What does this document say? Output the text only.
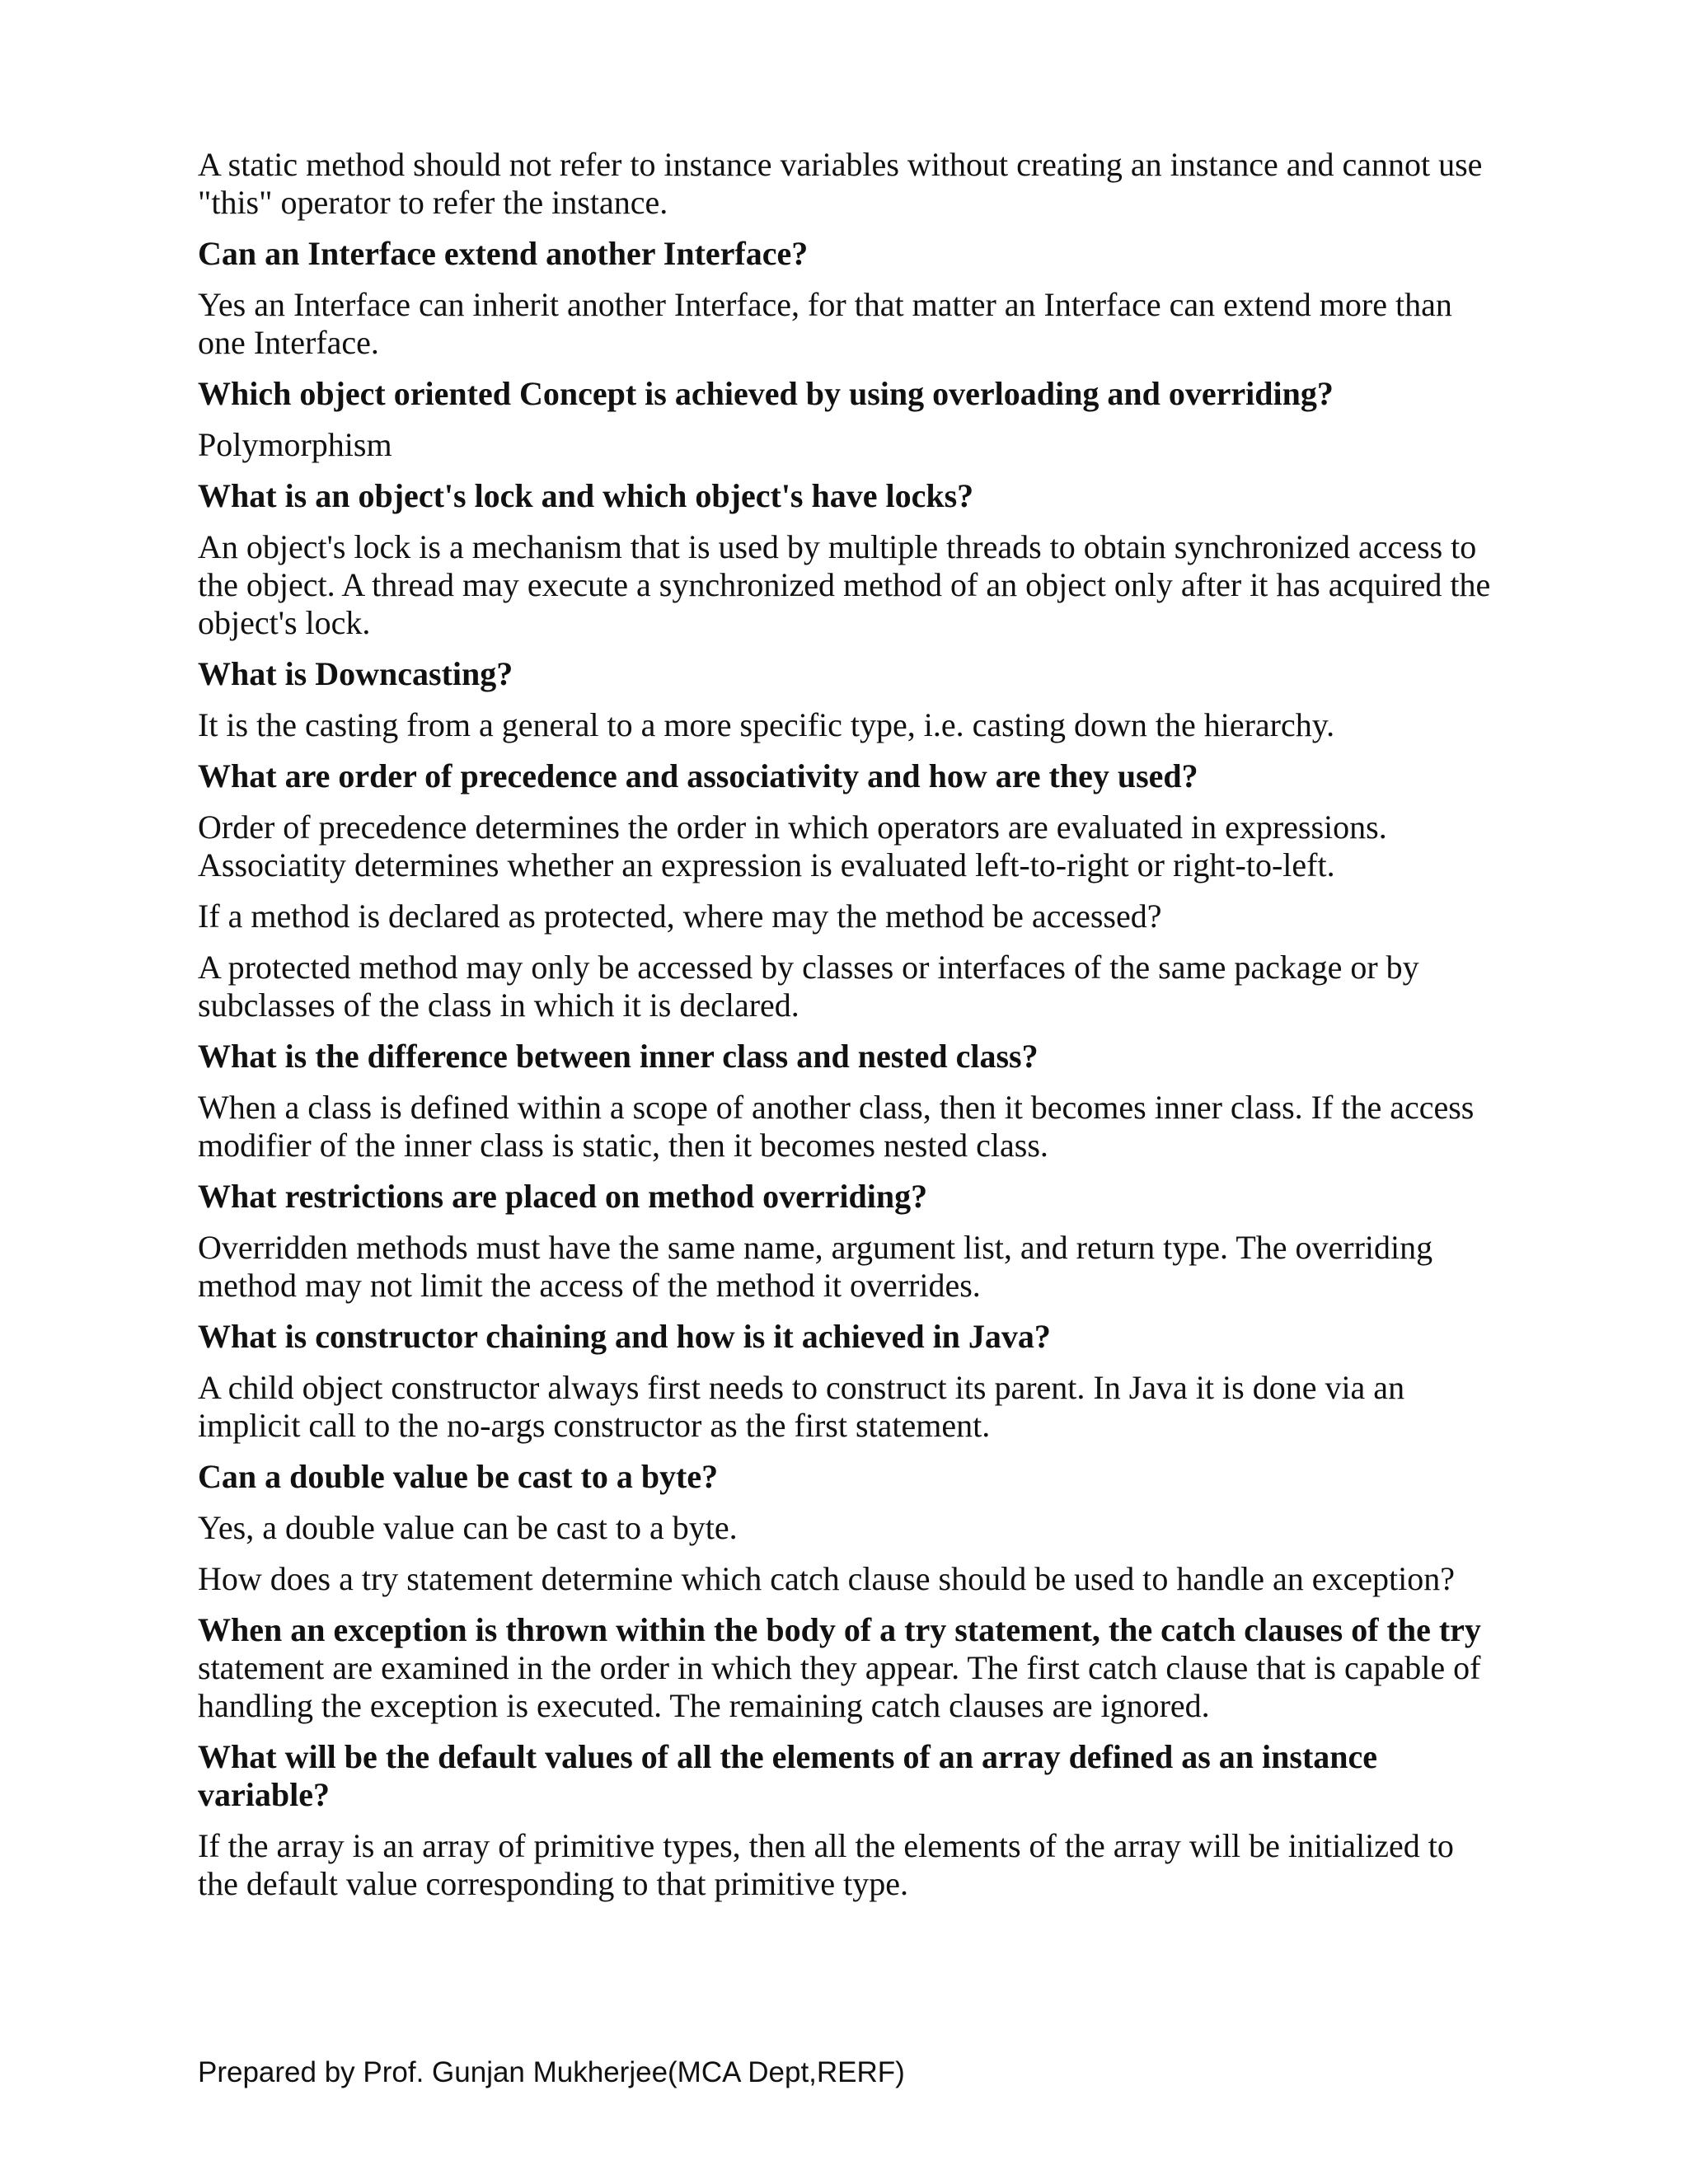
A static method should not refer to instance variables without creating an instance and cannot use "this" operator to refer the instance.

Can an Interface extend another Interface?

Yes an Interface can inherit another Interface, for that matter an Interface can extend more than one Interface.

Which object oriented Concept is achieved by using overloading and overriding?

Polymorphism

What is an object's lock and which object's have locks?

An object's lock is a mechanism that is used by multiple threads to obtain synchronized access to the object. A thread may execute a synchronized method of an object only after it has acquired the object's lock.

What is Downcasting?

It is the casting from a general to a more specific type, i.e. casting down the hierarchy.

What are order of precedence and associativity and how are they used?

Order of precedence determines the order in which operators are evaluated in expressions. Associatity determines whether an expression is evaluated left-to-right or right-to-left.

If a method is declared as protected, where may the method be accessed?

A protected method may only be accessed by classes or interfaces of the same package or by subclasses of the class in which it is declared.

What is the difference between inner class and nested class?

When a class is defined within a scope of another class, then it becomes inner class. If the access modifier of the inner class is static, then it becomes nested class.

What restrictions are placed on method overriding?

Overridden methods must have the same name, argument list, and return type. The overriding method may not limit the access of the method it overrides.

What is constructor chaining and how is it achieved in Java?

A child object constructor always first needs to construct its parent. In Java it is done via an implicit call to the no-args constructor as the first statement.

Can a double value be cast to a byte?

Yes, a double value can be cast to a byte.

How does a try statement determine which catch clause should be used to handle an exception?

When an exception is thrown within the body of a try statement, the catch clauses of the try statement are examined in the order in which they appear. The first catch clause that is capable of handling the exception is executed. The remaining catch clauses are ignored.

What will be the default values of all the elements of an array defined as an instance variable?

If the array is an array of primitive types, then all the elements of the array will be initialized to the default value corresponding to that primitive type.

Prepared by Prof. Gunjan Mukherjee(MCA Dept,RERF)
